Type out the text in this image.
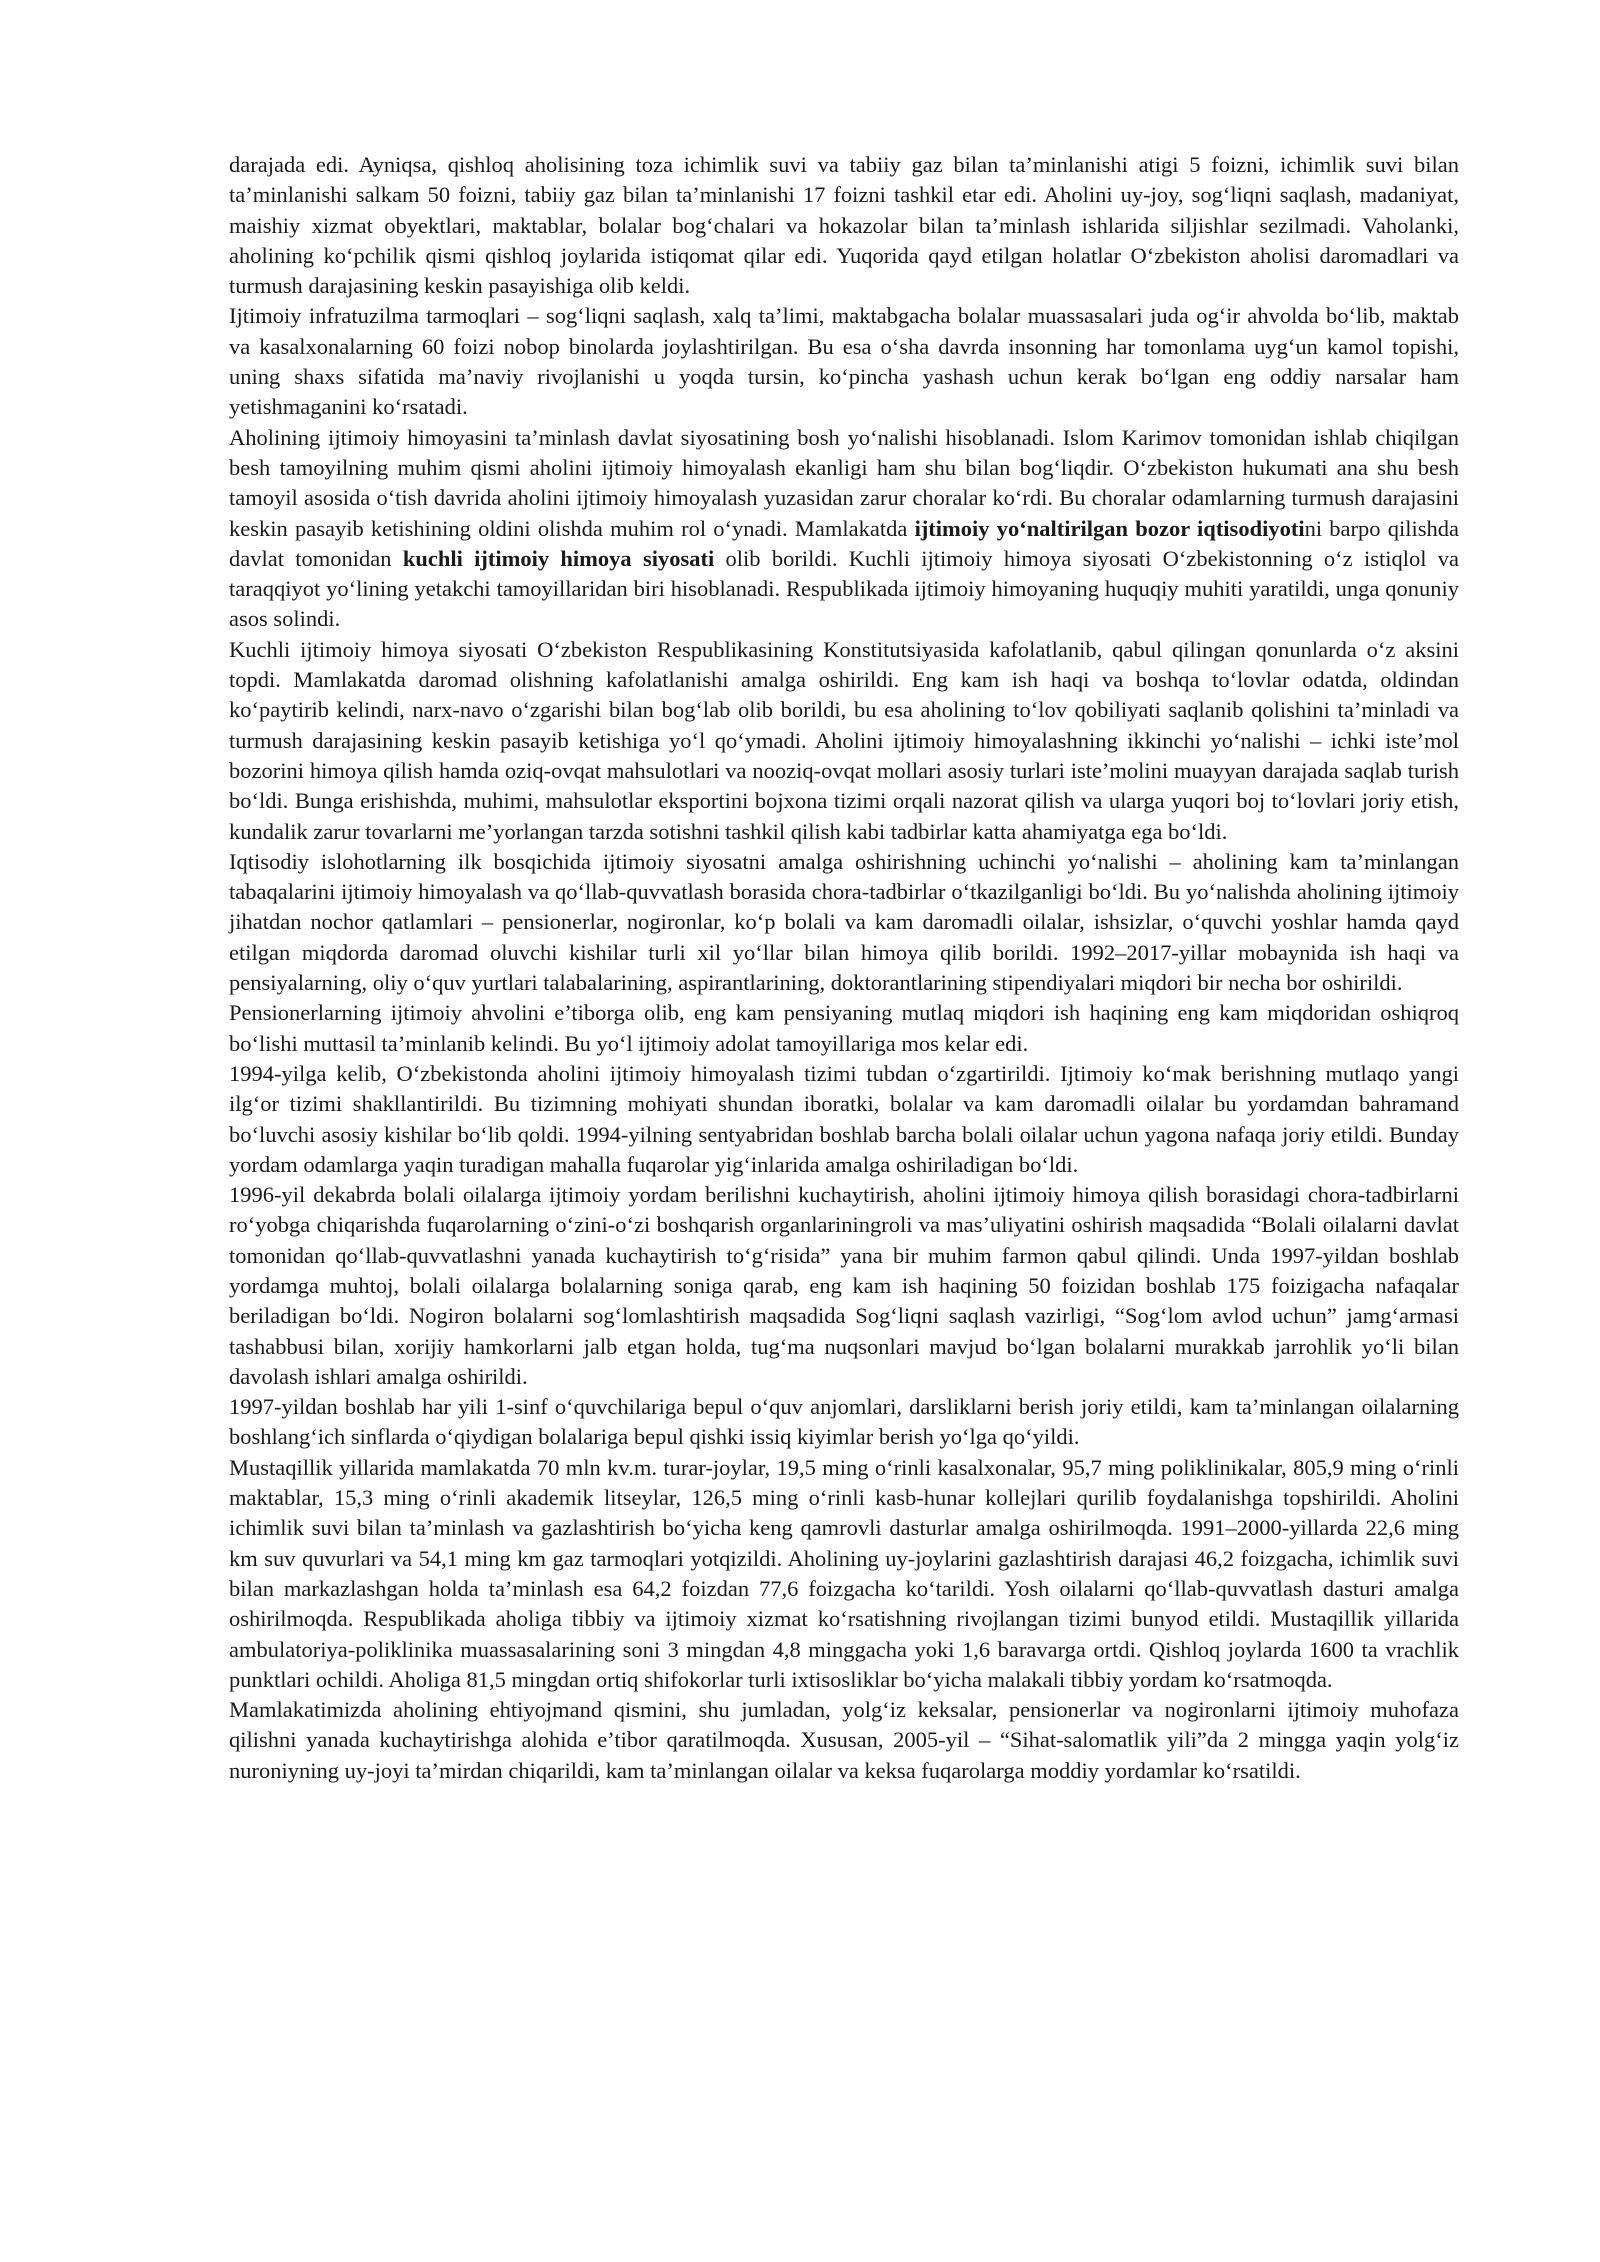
darajada edi. Ayniqsa, qishloq aholisining toza ichimlik suvi va tabiiy gaz bilan ta’minlanishi atigi 5 foizni, ichimlik suvi bilan ta’minlanishi salkam 50 foizni, tabiiy gaz bilan ta’minlanishi 17 foizni tashkil etar edi. Aholini uy-joy, sog‘liqni saqlash, madaniyat, maishiy xizmat obyektlari, maktablar, bolalar bog‘chalari va hokazolar bilan ta’minlash ishlarida siljishlar sezilmadi. Vaholanki, aholining ko‘pchilik qismi qishloq joylarida istiqomat qilar edi. Yuqorida qayd etilgan holatlar O‘zbekiston aholisi daromadlari va turmush darajasining keskin pasayishiga olib keldi.

Ijtimoiy infratuzilma tarmoqlari – sog‘liqni saqlash, xalq ta’limi, maktabgacha bolalar muassasalari juda og‘ir ahvolda bo‘lib, maktab va kasalxonalarning 60 foizi nobop binolarda joylashtirilgan. Bu esa o‘sha davrda insonning har tomonlama uyg‘un kamol topishi, uning shaxs sifatida ma’naviy rivojlanishi u yoqda tursin, ko‘pincha yashash uchun kerak bo‘lgan eng oddiy narsalar ham yetishmaganini ko‘rsatadi.

Aholining ijtimoiy himoyasini ta’minlash davlat siyosatining bosh yo‘nalishi hisoblanadi. Islom Karimov tomonidan ishlab chiqilgan besh tamoyilning muhim qismi aholini ijtimoiy himoyalash ekanligi ham shu bilan bog‘liqdir. O‘zbekiston hukumati ana shu besh tamoyil asosida o‘tish davrida aholini ijtimoiy himoyalash yuzasidan zarur choralar ko‘rdi. Bu choralar odamlarning turmush darajasini keskin pasayib ketishining oldini olishda muhim rol o‘ynadi. Mamlakatda ijtimoiy yo‘naltirilgan bozor iqtisodiyotini barpo qilishda davlat tomonidan kuchli ijtimoiy himoya siyosati olib borildi. Kuchli ijtimoiy himoya siyosati O‘zbekistonning o‘z istiqlol va taraqqiyot yo‘lining yetakchi tamoyillaridan biri hisoblanadi. Respublikada ijtimoiy himoyaning huquqiy muhiti yaratildi, unga qonuniy asos solindi.

Kuchli ijtimoiy himoya siyosati O‘zbekiston Respublikasining Konstitutsiyasida kafolatlanib, qabul qilingan qonunlarda o‘z aksini topdi. Mamlakatda daromad olishning kafolatlanishi amalga oshirildi. Eng kam ish haqi va boshqa to‘lovlar odatda, oldindan ko‘paytirib kelindi, narx-navo o‘zgarishi bilan bog‘lab olib borildi, bu esa aholining to‘lov qobiliyati saqlanib qolishini ta’minladi va turmush darajasining keskin pasayib ketishiga yo‘l qo‘ymadi. Aholini ijtimoiy himoyalashning ikkinchi yo‘nalishi – ichki iste’mol bozorini himoya qilish hamda oziq-ovqat mahsulotlari va nooziq-ovqat mollari asosiy turlari iste’molini muayyan darajada saqlab turish bo‘ldi. Bunga erishishda, muhimi, mahsulotlar eksportini bojxona tizimi orqali nazorat qilish va ularga yuqori boj to‘lovlari joriy etish, kundalik zarur tovarlarni me’yorlangan tarzda sotishni tashkil qilish kabi tadbirlar katta ahamiyatga ega bo‘ldi.

Iqtisodiy islohotlarning ilk bosqichida ijtimoiy siyosatni amalga oshirishning uchinchi yo‘nalishi – aholining kam ta’minlangan tabaqalarini ijtimoiy himoyalash va qo‘llab-quvvatlash borasida chora-tadbirlar o‘tkazilganligi bo‘ldi. Bu yo‘nalishda aholining ijtimoiy jihatdan nochor qatlamlari – pensionerlar, nogironlar, ko‘p bolali va kam daromadli oilalar, ishsizlar, o‘quvchi yoshlar hamda qayd etilgan miqdorda daromad oluvchi kishilar turli xil yo‘llar bilan himoya qilib borildi. 1992–2017-yillar mobaynida ish haqi va pensiyalarning, oliy o‘quv yurtlari talabalarining, aspirantlarining, doktorantlarining stipendiyalari miqdori bir necha bor oshirildi.

Pensionerlarning ijtimoiy ahvolini e’tiborga olib, eng kam pensiyaning mutlaq miqdori ish haqining eng kam miqdoridan oshiqroq bo‘lishi muttasil ta’minlanib kelindi. Bu yo‘l ijtimoiy adolat tamoyillariga mos kelar edi.

1994-yilga kelib, O‘zbekistonda aholini ijtimoiy himoyalash tizimi tubdan o‘zgartirildi. Ijtimoiy ko‘mak berishning mutlaqo yangi ilg‘or tizimi shakllantirildi. Bu tizimning mohiyati shundan iboratki, bolalar va kam daromadli oilalar bu yordamdan bahramand bo‘luvchi asosiy kishilar bo‘lib qoldi. 1994-yilning sentyabridan boshlab barcha bolali oilalar uchun yagona nafaqa joriy etildi. Bunday yordam odamlarga yaqin turadigan mahalla fuqarolar yig‘inlarida amalga oshiriladigan bo‘ldi.

1996-yil dekabrda bolali oilalarga ijtimoiy yordam berilishni kuchaytirish, aholini ijtimoiy himoya qilish borasidagi chora-tadbirlarni ro‘yobga chiqarishda fuqarolarning o‘zini-o‘zi boshqarish organlariningroli va mas’uliyatini oshirish maqsadida “Bolali oilalarni davlat tomonidan qo‘llab-quvvatlashni yanada kuchaytirish to‘g‘risida” yana bir muhim farmon qabul qilindi. Unda 1997-yildan boshlab yordamga muhtoj, bolali oilalarga bolalarning soniga qarab, eng kam ish haqining 50 foizidan boshlab 175 foizigacha nafaqalar beriladigan bo‘ldi. Nogiron bolalarni sog‘lomlashtirish maqsadida Sog‘liqni saqlash vazirligi, “Sog‘lom avlod uchun” jamg‘armasi tashabbusi bilan, xorijiy hamkorlarni jalb etgan holda, tug‘ma nuqsonlari mavjud bo‘lgan bolalarni murakkab jarrohlik yo‘li bilan davolash ishlari amalga oshirildi.

1997-yildan boshlab har yili 1-sinf o‘quvchilariga bepul o‘quv anjomlari, darsliklarni berish joriy etildi, kam ta’minlangan oilalarning boshlang‘ich sinflarda o‘qiydigan bolalariga bepul qishki issiq kiyimlar berish yo‘lga qo‘yildi.

Mustaqillik yillarida mamlakatda 70 mln kv.m. turar-joylar, 19,5 ming o‘rinli kasalxonalar, 95,7 ming poliklinikalar, 805,9 ming o‘rinli maktablar, 15,3 ming o‘rinli akademik litseylar, 126,5 ming o‘rinli kasb-hunar kollejlari qurilib foydalanishga topshirildi. Aholini ichimlik suvi bilan ta’minlash va gazlashtirish bo‘yicha keng qamrovli dasturlar amalga oshirilmoqda. 1991–2000-yillarda 22,6 ming km suv quvurlari va 54,1 ming km gaz tarmoqlari yotqizildi. Aholining uy-joylarini gazlashtirish darajasi 46,2 foizgacha, ichimlik suvi bilan markazlashgan holda ta’minlash esa 64,2 foizdan 77,6 foizgacha ko‘tarildi. Yosh oilalarni qo‘llab-quvvatlash dasturi amalga oshirilmoqda. Respublikada aholiga tibbiy va ijtimoiy xizmat ko‘rsatishning rivojlangan tizimi bunyod etildi. Mustaqillik yillarida ambulatoriya-poliklinika muassasalarining soni 3 mingdan 4,8 minggacha yoki 1,6 baravarga ortdi. Qishloq joylarda 1600 ta vrachlik punktlari ochildi. Aholiga 81,5 mingdan ortiq shifokorlar turli ixtisosliklar bo‘yicha malakali tibbiy yordam ko‘rsatmoqda.

Mamlakatimizda aholining ehtiyojmand qismini, shu jumladan, yolg‘iz keksalar, pensionerlar va nogironlarni ijtimoiy muhofaza qilishni yanada kuchaytirishga alohida e’tibor qaratilmoqda. Xususan, 2005-yil – “Sihat-salomatlik yili”da 2 mingga yaqin yolg‘iz nuroniyning uy-joyi ta’mirdan chiqarildi, kam ta’minlangan oilalar va keksa fuqarolarga moddiy yordamlar ko‘rsatildi.
